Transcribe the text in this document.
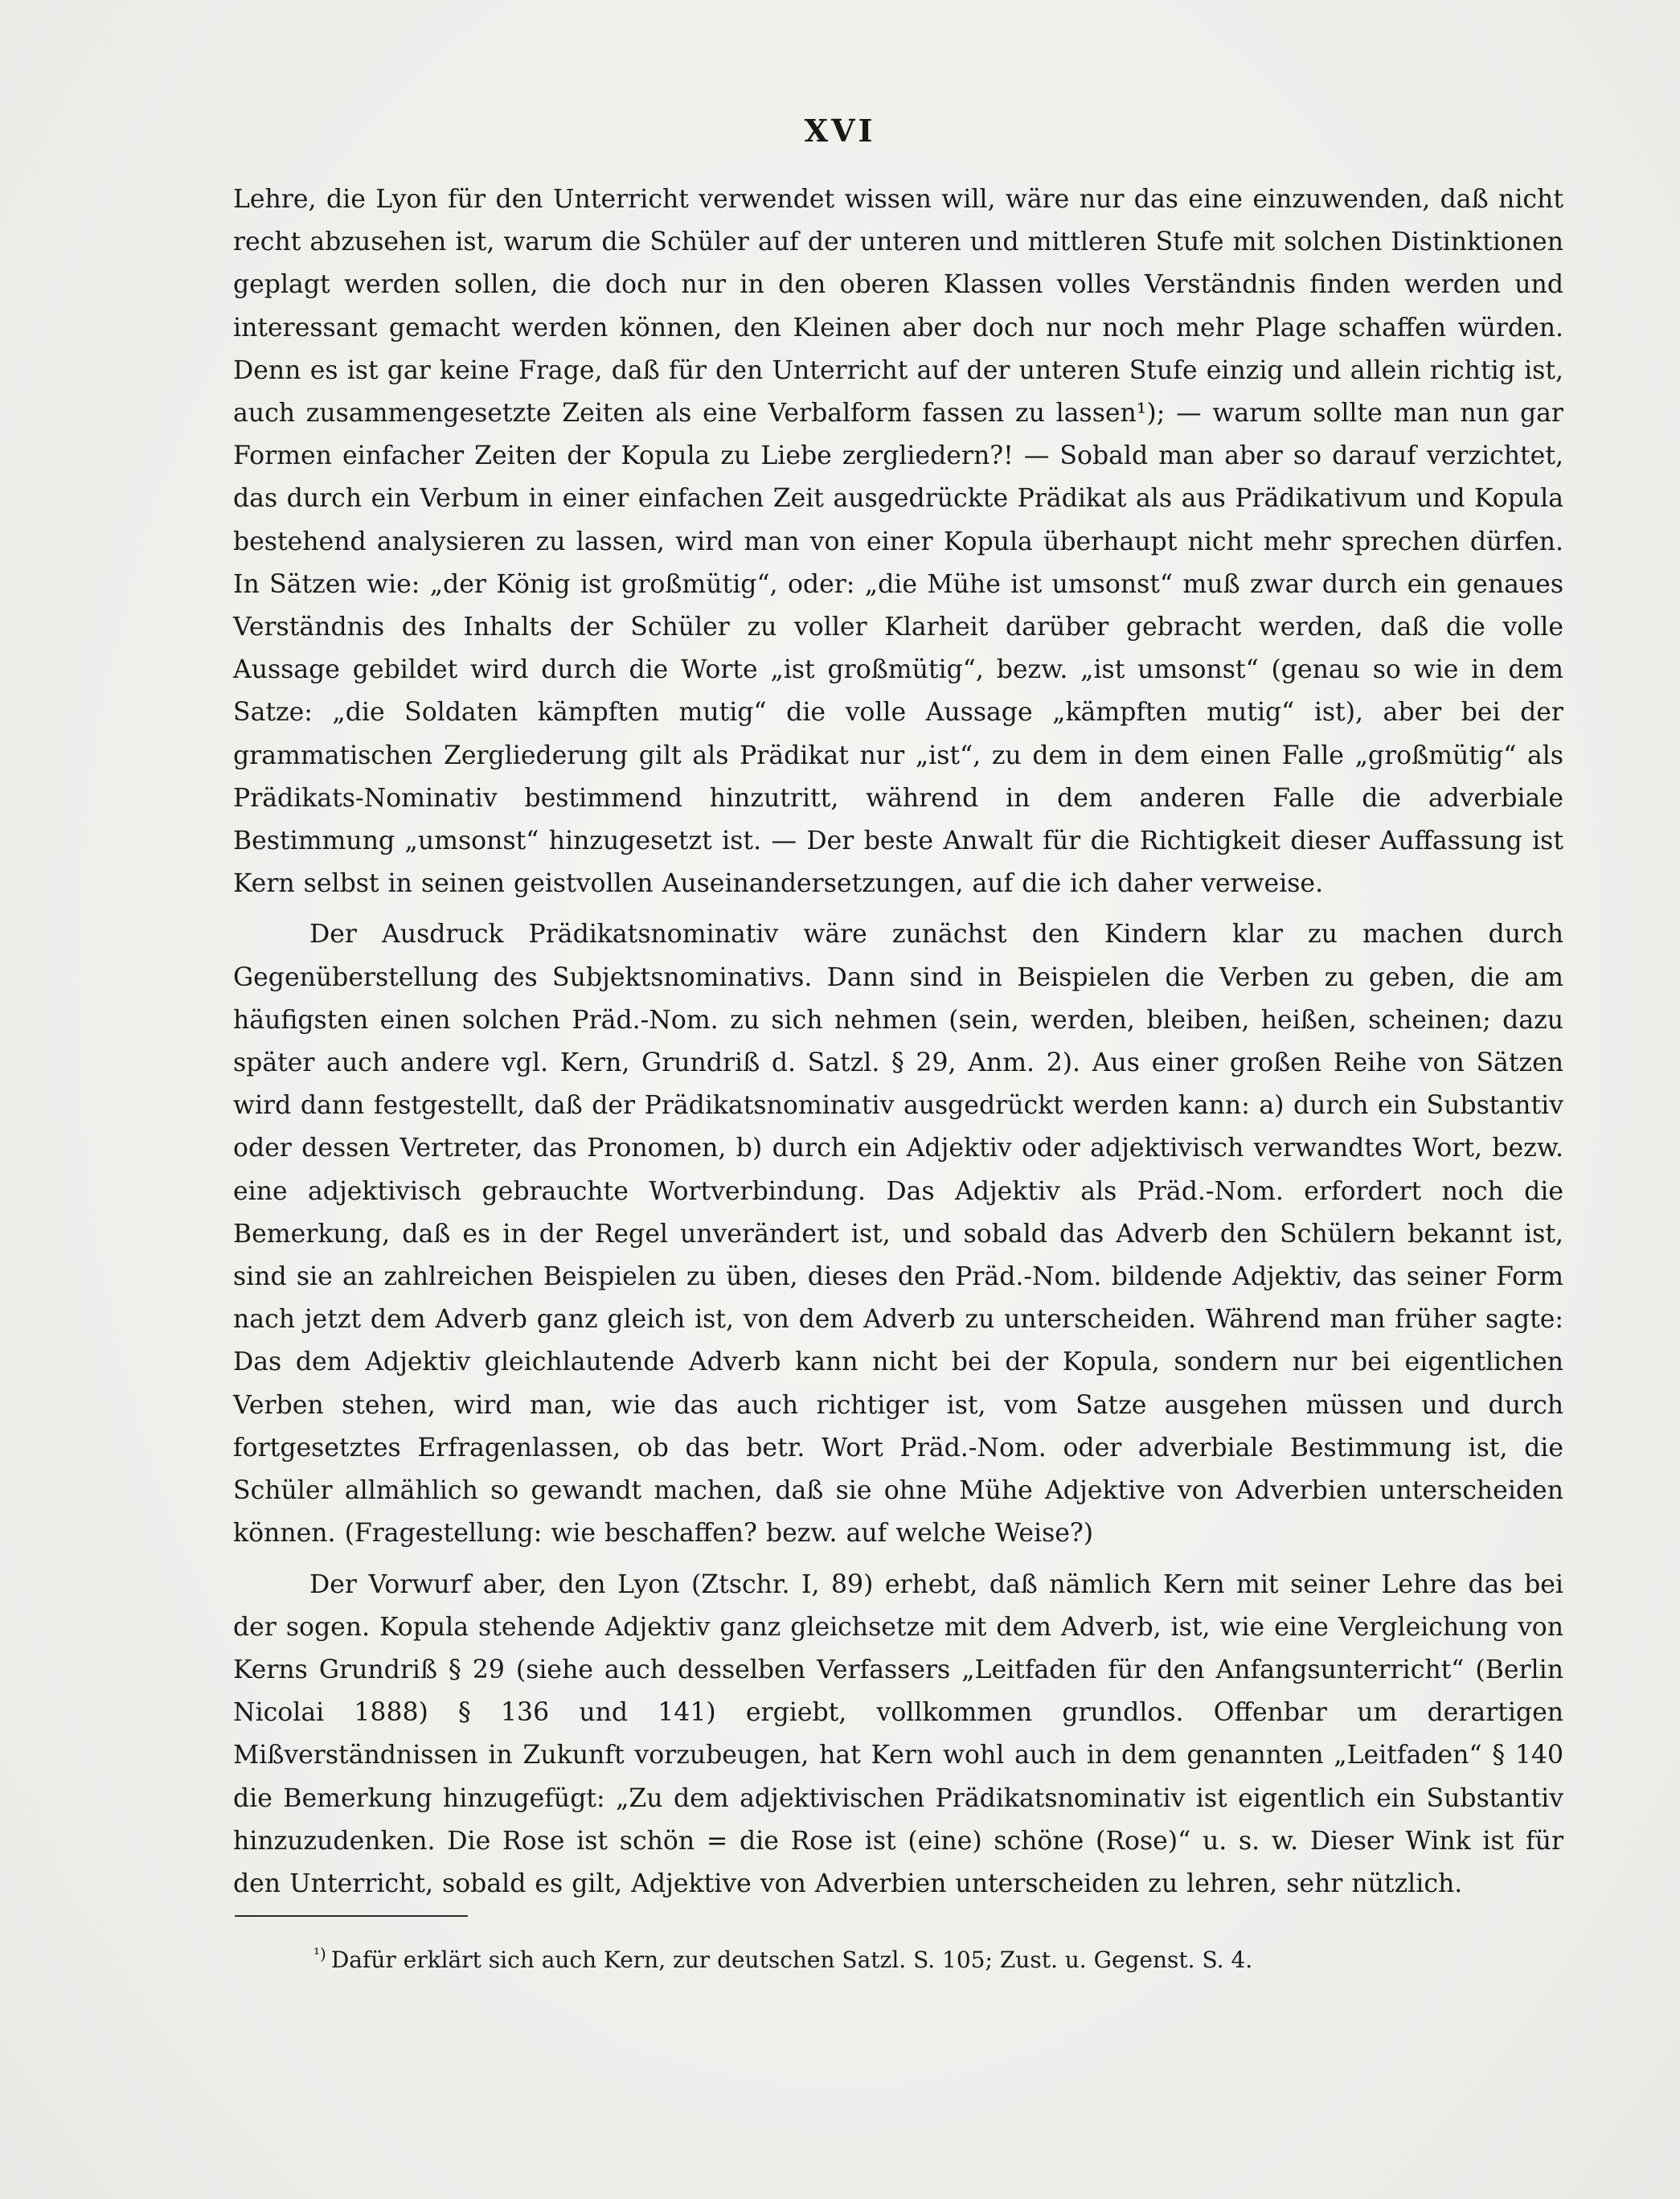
XVI

Lehre, die Lyon für den Unterricht verwendet wissen will, wäre nur das eine einzuwenden, daß nicht recht abzusehen ist, warum die Schüler auf der unteren und mittleren Stufe mit solchen Distinktionen geplagt werden sollen, die doch nur in den oberen Klassen volles Verständnis finden werden und interessant gemacht werden können, den Kleinen aber doch nur noch mehr Plage schaffen würden. Denn es ist gar keine Frage, daß für den Unterricht auf der unteren Stufe einzig und allein richtig ist, auch zusammengesetzte Zeiten als eine Verbalform fassen zu lassen¹); — warum sollte man nun gar Formen einfacher Zeiten der Kopula zu Liebe zergliedern?! — Sobald man aber so darauf verzichtet, das durch ein Verbum in einer einfachen Zeit ausgedrückte Prädikat als aus Prädikativum und Kopula bestehend analysieren zu lassen, wird man von einer Kopula überhaupt nicht mehr sprechen dürfen. In Sätzen wie: „der König ist großmütig“, oder: „die Mühe ist umsonst“ muß zwar durch ein genaues Verständnis des Inhalts der Schüler zu voller Klarheit darüber gebracht werden, daß die volle Aussage gebildet wird durch die Worte „ist großmütig“, bezw. „ist umsonst“ (genau so wie in dem Satze: „die Soldaten kämpften mutig“ die volle Aussage „kämpften mutig“ ist), aber bei der grammatischen Zergliederung gilt als Prädikat nur „ist“, zu dem in dem einen Falle „großmütig“ als Prädikats-Nominativ bestimmend hinzutritt, während in dem anderen Falle die adverbiale Bestimmung „umsonst“ hinzugesetzt ist. — Der beste Anwalt für die Richtigkeit dieser Auffassung ist Kern selbst in seinen geistvollen Auseinandersetzungen, auf die ich daher verweise.

Der Ausdruck Prädikatsnominativ wäre zunächst den Kindern klar zu machen durch Gegenüberstellung des Subjektsnominativs. Dann sind in Beispielen die Verben zu geben, die am häufigsten einen solchen Präd.-Nom. zu sich nehmen (sein, werden, bleiben, heißen, scheinen; dazu später auch andere vgl. Kern, Grundriß d. Satzl. § 29, Anm. 2). Aus einer großen Reihe von Sätzen wird dann festgestellt, daß der Prädikatsnominativ ausgedrückt werden kann: a) durch ein Substantiv oder dessen Vertreter, das Pronomen, b) durch ein Adjektiv oder adjektivisch verwandtes Wort, bezw. eine adjektivisch gebrauchte Wortverbindung. Das Adjektiv als Präd.-Nom. erfordert noch die Bemerkung, daß es in der Regel unverändert ist, und sobald das Adverb den Schülern bekannt ist, sind sie an zahlreichen Beispielen zu üben, dieses den Präd.-Nom. bildende Adjektiv, das seiner Form nach jetzt dem Adverb ganz gleich ist, von dem Adverb zu unterscheiden. Während man früher sagte: Das dem Adjektiv gleichlautende Adverb kann nicht bei der Kopula, sondern nur bei eigentlichen Verben stehen, wird man, wie das auch richtiger ist, vom Satze ausgehen müssen und durch fortgesetztes Erfragenlassen, ob das betr. Wort Präd.-Nom. oder adverbiale Bestimmung ist, die Schüler allmählich so gewandt machen, daß sie ohne Mühe Adjektive von Adverbien unterscheiden können. (Fragestellung: wie beschaffen? bezw. auf welche Weise?)

Der Vorwurf aber, den Lyon (Ztschr. I, 89) erhebt, daß nämlich Kern mit seiner Lehre das bei der sogen. Kopula stehende Adjektiv ganz gleichsetze mit dem Adverb, ist, wie eine Vergleichung von Kerns Grundriß § 29 (siehe auch desselben Verfassers „Leitfaden für den Anfangsunterricht“ (Berlin Nicolai 1888) § 136 und 141) ergiebt, vollkommen grundlos. Offenbar um derartigen Mißverständnissen in Zukunft vorzubeugen, hat Kern wohl auch in dem genannten „Leitfaden“ § 140 die Bemerkung hinzugefügt: „Zu dem adjektivischen Prädikatsnominativ ist eigentlich ein Substantiv hinzuzudenken. Die Rose ist schön = die Rose ist (eine) schöne (Rose)“ u. s. w. Dieser Wink ist für den Unterricht, sobald es gilt, Adjektive von Adverbien unterscheiden zu lehren, sehr nützlich.

$^{^1)}$ Dafür erklärt sich auch Kern, zur deutschen Satzl. S. 105; Zust. u. Gegenst. S. 4.
